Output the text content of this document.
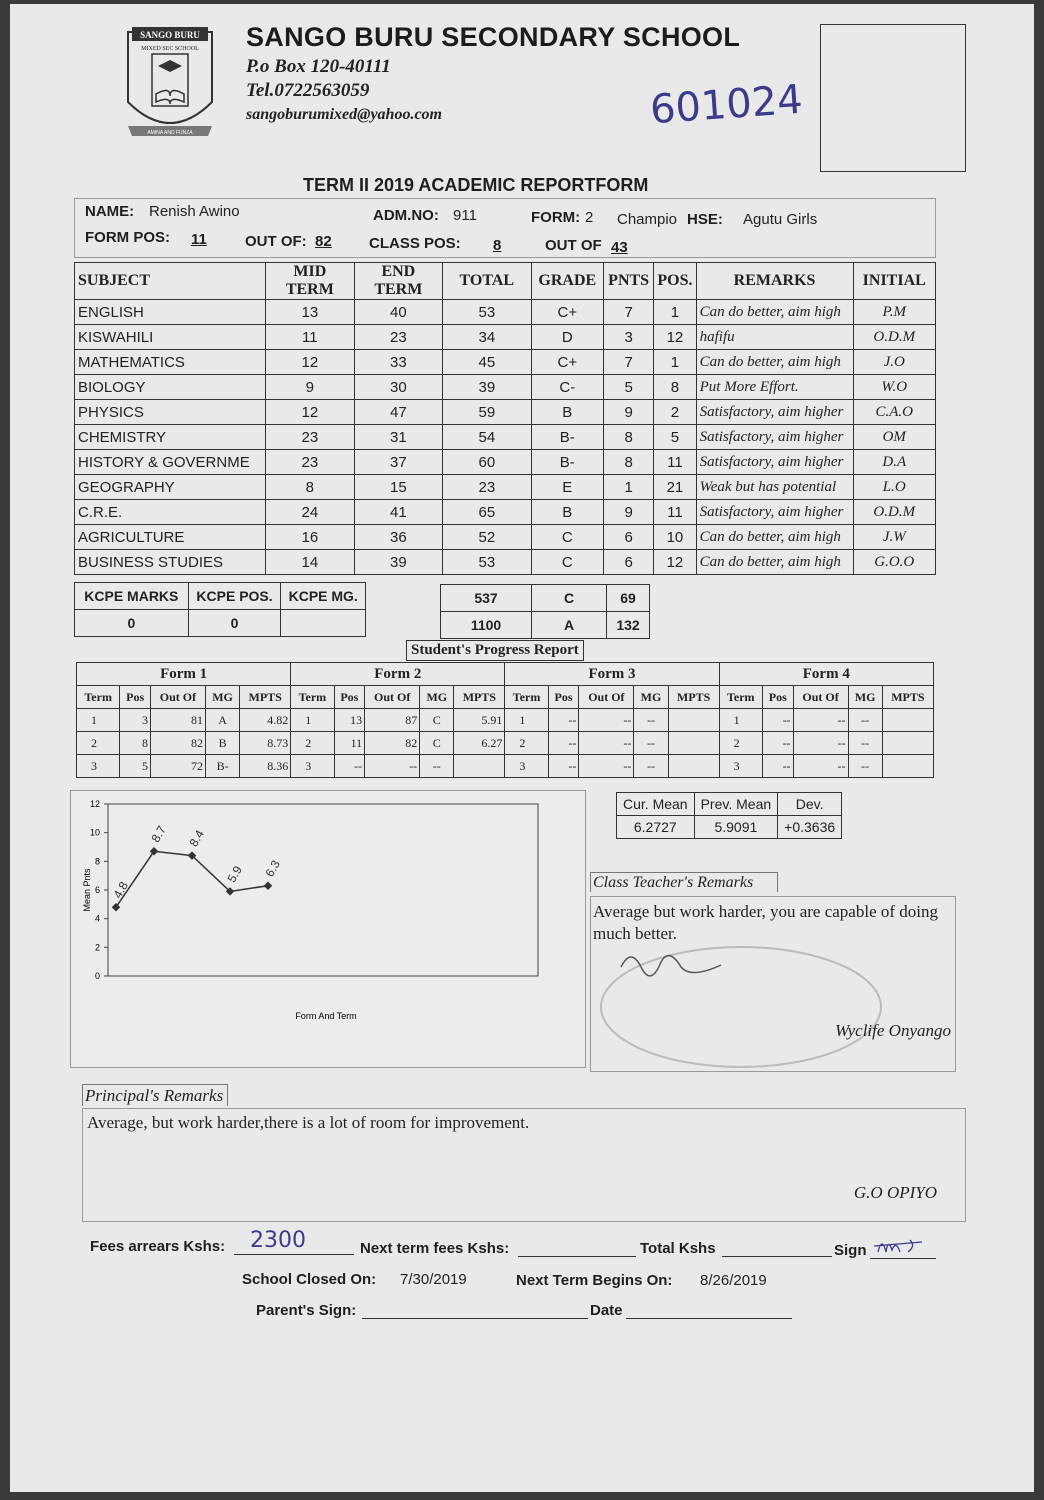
SANGO BURU
MIXED SEC SCHOOL
AMINA AND FUNZA
SANGO BURU SECONDARY SCHOOL
P.o Box 120-40111
Tel.0722563059
sangoburumixed@yahoo.com	601024
TERM II 2019 ACADEMIC REPORTFORM
NAME: Renish Awino	ADM.NO: 911	FORM: 2 Champio HSE: Agutu Girls
FORM POS: 11	OUT OF: 82 CLASS POS: 8	OUT OF 43
SUBJECT	MID TERM	END TERM	TOTAL	GRADE	PNTS	POS.	REMARKS	INITIAL
ENGLISH	13	40	53	C+	7	1	Can do better, aim high	P.M
KISWAHILI	11	23	34	D	3	12	hafifu	O.D.M
MATHEMATICS	12	33	45	C+	7	1	Can do better, aim high	J.O
BIOLOGY	9	30	39	C-	5	8	Put More Effort.	W.O
PHYSICS	12	47	59	B	9	2	Satisfactory, aim higher	C.A.O
CHEMISTRY	23	31	54	B-	8	5	Satisfactory, aim higher	OM
HISTORY & GOVERNME	23	37	60	B-	8	11	Satisfactory, aim higher	D.A
GEOGRAPHY	8	15	23	E	1	21	Weak but has potential	L.O
C.R.E.	24	41	65	B	9	11	Satisfactory, aim higher	O.D.M
AGRICULTURE	16	36	52	C	6	10	Can do better, aim high	J.W
BUSINESS STUDIES	14	39	53	C	6	12	Can do better, aim high	G.O.O
KCPE MARKS	KCPE POS.	KCPE MG.
0	0	
537	C	69
1100	A	132
Student's Progress Report
Form 1					Form 2					Form 3					Form 4				
Term	Pos	Out Of	MG	MPTS	Term	Pos	Out Of	MG	MPTS	Term	Pos	Out Of	MG	MPTS	Term	Pos	Out Of	MG	MPTS
1	3	81	A	4.82	1	13	87	C	5.91	1	--	--	--		1	--	--	--	
2	8	82	B	8.73	2	11	82	C	6.27	2	--	--	--		2	--	--	--	
3	5	72	B-	8.36	3	--	--	--		3	--	--	--		3	--	--	--	
0
2
4
6
8
10
12
4.8
8.7 8.4
5.9 6.3
Form And Term
Mean Pnts
Cur. Mean	Prev. Mean	Dev.
6.2727	5.9091	+0.3636
Class Teacher's Remarks
Average but work harder, you are capable of doing much better.
Wyclife Onyango
Principal's Remarks
Average, but work harder,there is a lot of room for improvement.
G.O OPIYO
Fees arrears Kshs: 2300	Next term fees Kshs:	Total Kshs	Sign
School Closed On: 7/30/2019	Next Term Begins On: 8/26/2019
Parent's Sign:	Date
